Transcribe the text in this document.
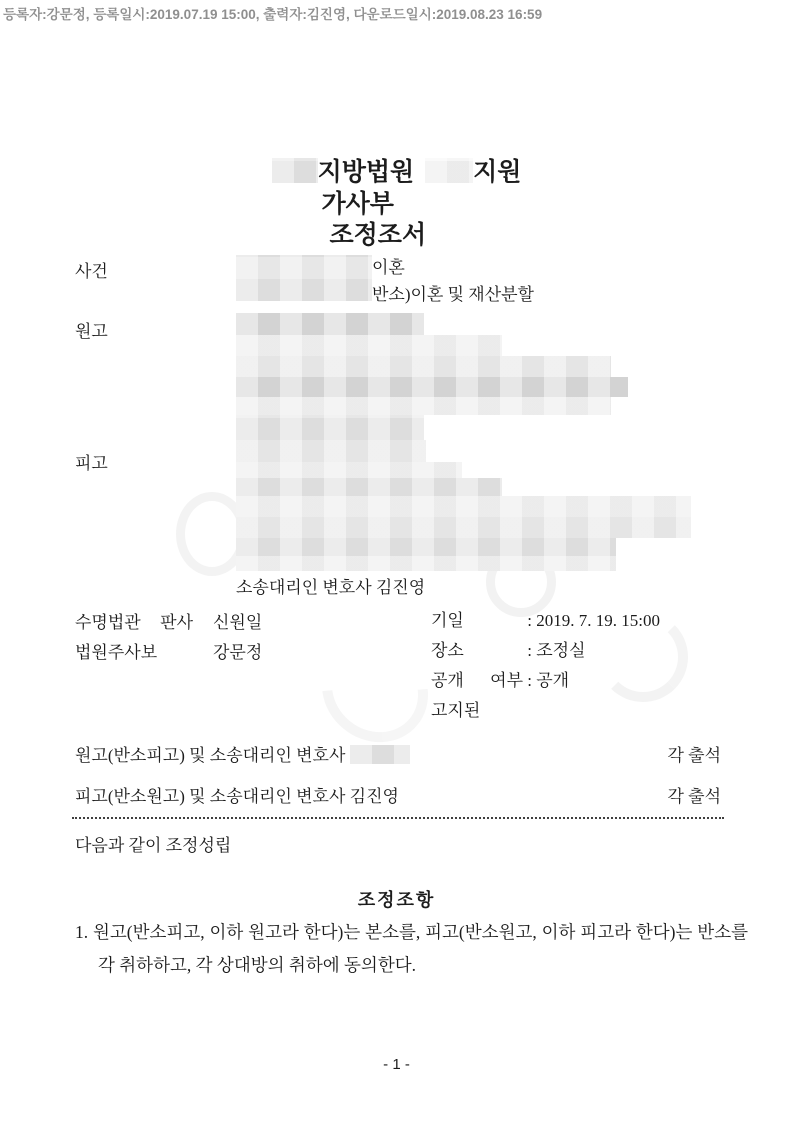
등록자:강문정, 등록일시:2019.07.19 15:00, 출력자:김진영, 다운로드일시:2019.08.23 16:59
지방법원 지원
가사부
조정조서
사건	이혼
반소)이혼 및 재산분할
원고
피고
소송대리인 변호사 김진영
수명법관 판사 신원일
법원주사보	강문정
기일	: 2019. 7. 19. 15:00
장소	: 조정실
공개 여부 : 공개
고지된
원고(반소피고) 및 소송대리인 변호사	각 출석
피고(반소원고) 및 소송대리인 변호사 김진영	각 출석
다음과 같이 조정성립
조정조항
1. 원고(반소피고, 이하 원고라 한다)는 본소를, 피고(반소원고, 이하 피고라 한다)는 반소를 각 취하하고, 각 상대방의 취하에 동의한다.
- 1 -
